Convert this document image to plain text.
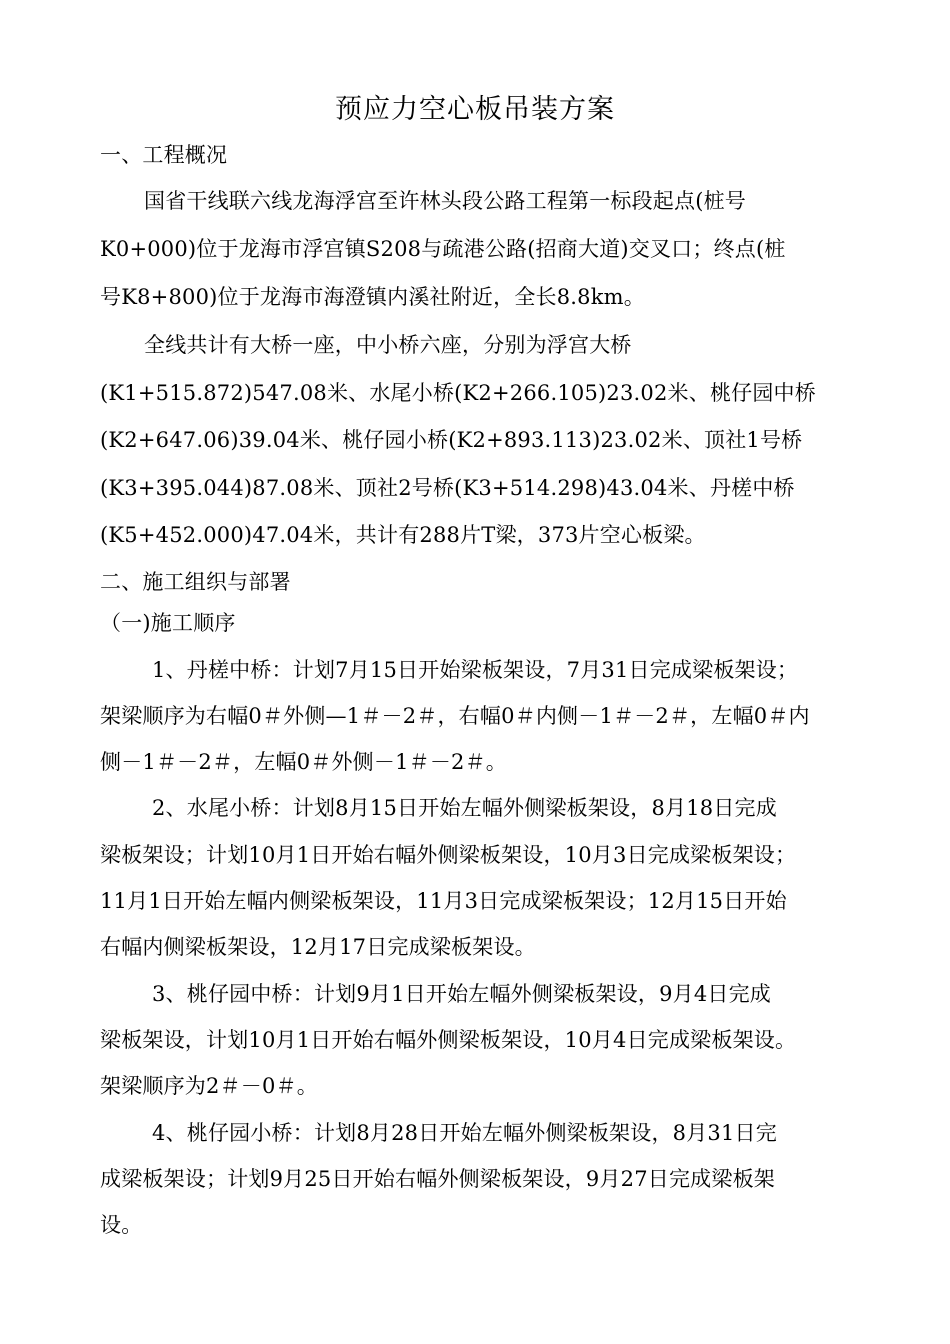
预应力空心板吊装方案
一、工程概况
国省干线联六线龙海浮宫至许林头段公路工程第一标段起点(桩号
K0+000)位于龙海市浮宫镇S208与疏港公路(招商大道)交叉口；终点(桩
号K8+800)位于龙海市海澄镇内溪社附近，全长8.8km。
全线共计有大桥一座，中小桥六座，分别为浮宫大桥
(K1+515.872)547.08米、水尾小桥(K2+266.105)23.02米、桃仔园中桥
(K2+647.06)39.04米、桃仔园小桥(K2+893.113)23.02米、顶社1号桥
(K3+395.044)87.08米、顶社2号桥(K3+514.298)43.04米、丹槎中桥
(K5+452.000)47.04米，共计有288片T梁，373片空心板梁。
二、施工组织与部署
（一)施工顺序
1、丹槎中桥：计划7月15日开始梁板架设，7月31日完成梁板架设；
架梁顺序为右幅0＃外侧—1＃－2＃，右幅0＃内侧－1＃－2＃，左幅0＃内
侧－1＃－2＃，左幅0＃外侧－1＃－2＃。
2、水尾小桥：计划8月15日开始左幅外侧梁板架设，8月18日完成
梁板架设；计划10月1日开始右幅外侧梁板架设，10月3日完成梁板架设；
11月1日开始左幅内侧梁板架设，11月3日完成梁板架设；12月15日开始
右幅内侧梁板架设，12月17日完成梁板架设。
3、桃仔园中桥：计划9月1日开始左幅外侧梁板架设，9月4日完成
梁板架设，计划10月1日开始右幅外侧梁板架设，10月4日完成梁板架设。
架梁顺序为2＃－0＃。
4、桃仔园小桥：计划8月28日开始左幅外侧梁板架设，8月31日完
成梁板架设；计划9月25日开始右幅外侧梁板架设，9月27日完成梁板架
设。
